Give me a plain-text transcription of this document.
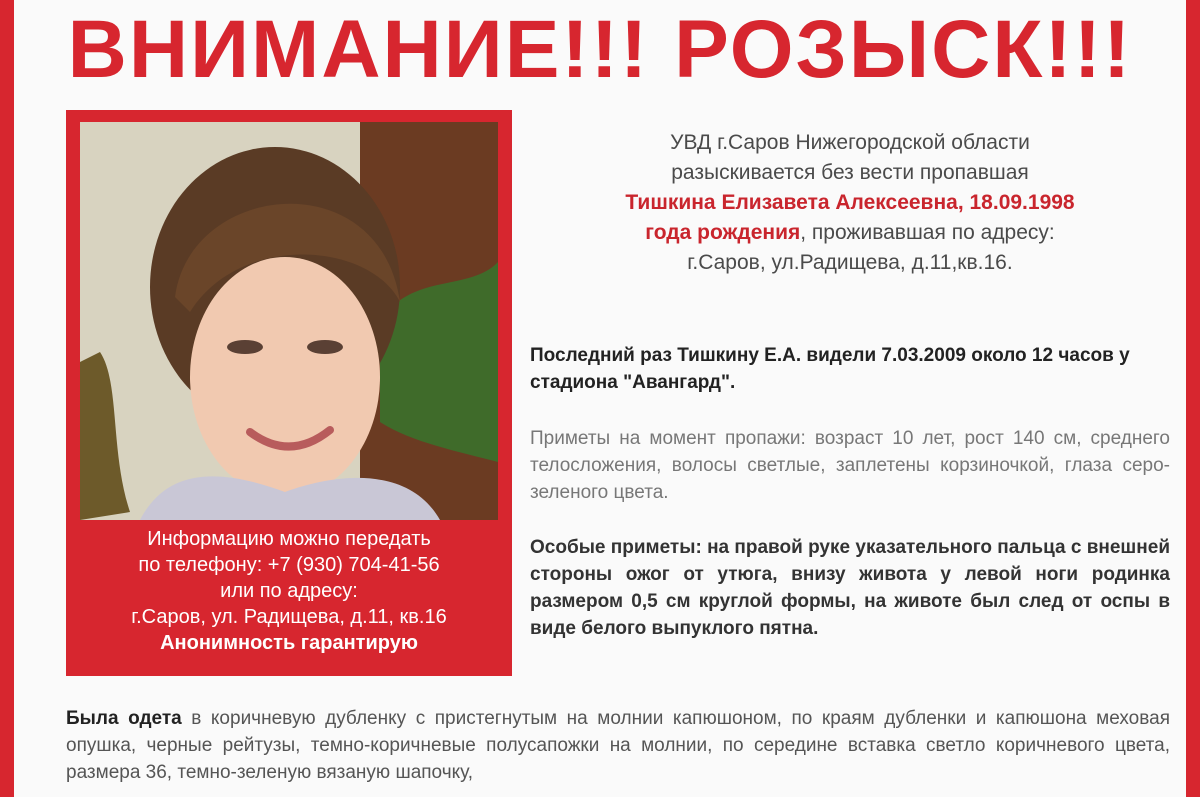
ВНИМАНИЕ!!! РОЗЫСК!!!
Информацию можно передать
по телефону: +7 (930) 704-41-56
или по адресу:
г.Саров, ул. Радищева, д.11, кв.16
Анонимность гарантирую
УВД г.Саров Нижегородской области
разыскивается без вести пропавшая
Тишкина Елизавета Алексеевна, 18.09.1998
года рождения, проживавшая по адресу:
г.Саров, ул.Радищева, д.11,кв.16.
Последний раз Тишкину Е.А. видели 7.03.2009 около 12 часов у стадиона "Авангард".
Приметы на момент пропажи: возраст 10 лет, рост 140 см, среднего телосложения, волосы светлые, заплетены корзиночкой, глаза серо-зеленого цвета.
Особые приметы: на правой руке указательного пальца с внешней стороны ожог от утюга, внизу живота у левой ноги родинка размером 0,5 см круглой формы, на животе был след от оспы в виде белого выпуклого пятна.
Была одета в коричневую дубленку с пристегнутым на молнии капюшоном, по краям дубленки и капюшона меховая опушка, черные рейтузы, темно-коричневые полусапожки на молнии, по середине вставка светло коричневого цвета, размера 36, темно-зеленую вязаную шапочку,
